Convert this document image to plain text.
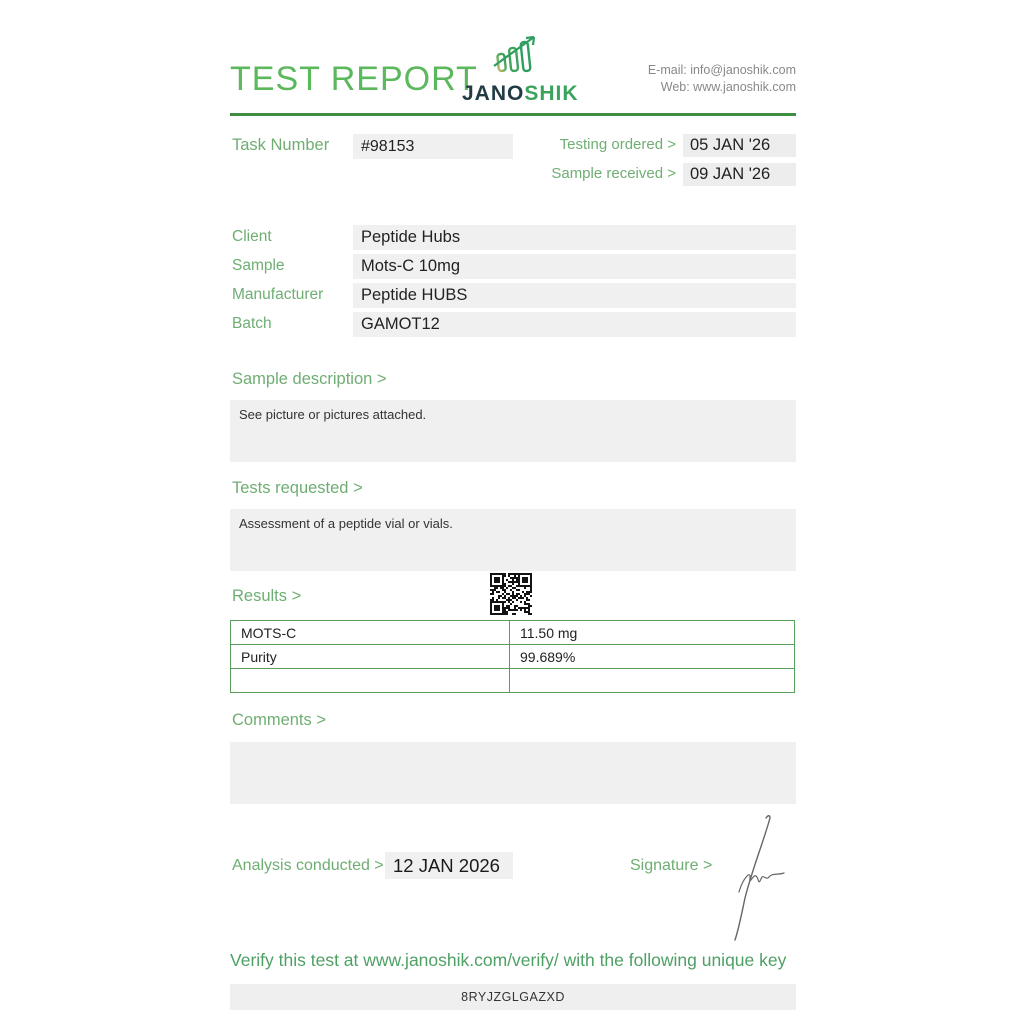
TEST REPORT
JANOSHIK
E-mail: info@janoshik.com
Web: www.janoshik.com
Task Number	#98153	Testing ordered > 05 JAN '26
Sample received > 09 JAN '26
Client	Peptide Hubs
Sample	Mots-C 10mg
Manufacturer	Peptide HUBS
Batch	GAMOT12
Sample description >
See picture or pictures attached.
Tests requested >
Assessment of a peptide vial or vials.
Results >
MOTS-C	11.50 mg
Purity	99.689%

Comments >
Analysis conducted > 12 JAN 2026	Signature >
Verify this test at www.janoshik.com/verify/ with the following unique key
8RYJZGLGAZXD
